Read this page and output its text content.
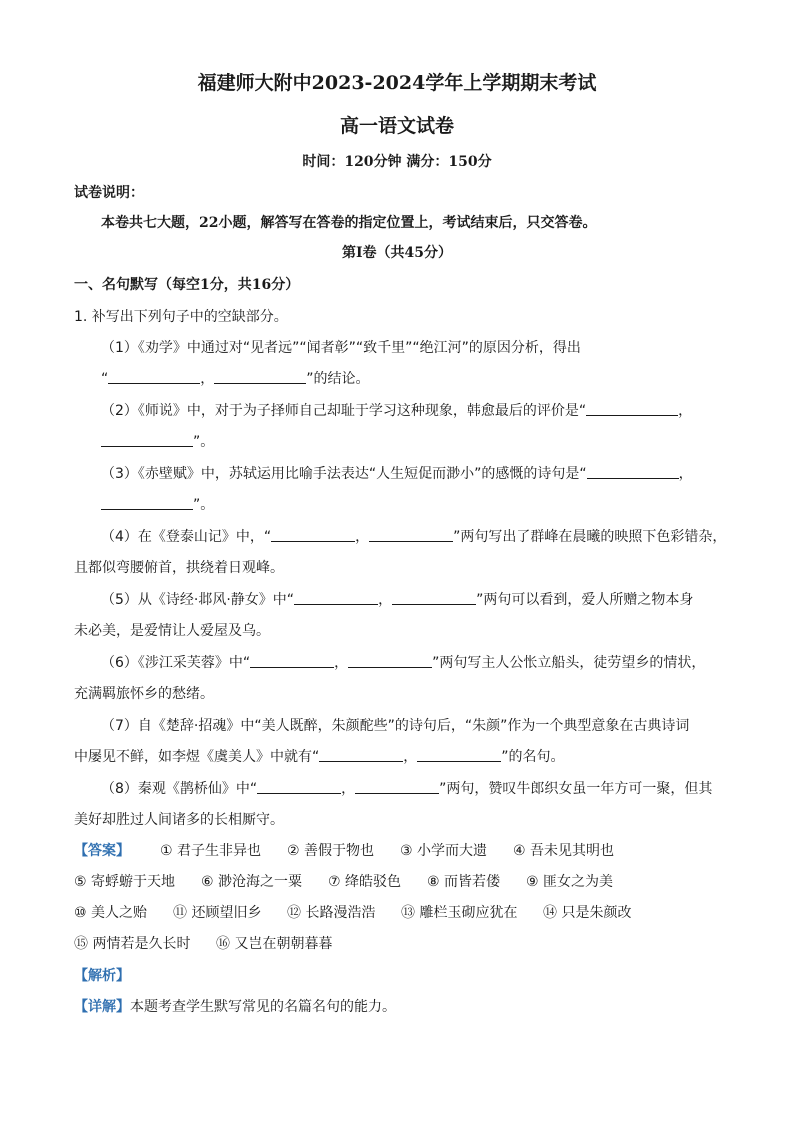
福建师大附中2023-2024学年上学期期末考试
高一语文试卷
时间：120分钟 满分：150分
试卷说明：
本卷共七大题，22小题，解答写在答卷的指定位置上，考试结束后，只交答卷。
第Ⅰ卷（共45分）
一、名句默写（每空1分，共16分）
1. 补写出下列句子中的空缺部分。
（1）《劝学》中通过对“见者远”“闻者彰”“致千里”“绝江河”的原因分析，得出
“	，	”的结论。
（2）《师说》中，对于为子择师自己却耻于学习这种现象，韩愈最后的评价是“	，
”。
（3）《赤壁赋》中，苏轼运用比喻手法表达“人生短促而渺小”的感慨的诗句是“	，
”。
（4）在《登泰山记》中，“	，	”两句写出了群峰在晨曦的映照下色彩错杂，
且都似弯腰俯首，拱绕着日观峰。
（5）从《诗经·邶风·静女》中“	，	”两句可以看到，爱人所赠之物本身
未必美，是爱情让人爱屋及乌。
（6）《涉江采芙蓉》中“	，	”两句写主人公怅立船头，徒劳望乡的情状，
充满羁旅怀乡的愁绪。
（7）自《楚辞·招魂》中“美人既醉，朱颜酡些”的诗句后，“朱颜”作为一个典型意象在古典诗词
中屡见不鲜，如李煜《虞美人》中就有“	，	”的名句。
（8）秦观《鹊桥仙》中“	，	”两句，赞叹牛郎织女虽一年方可一聚，但其
美好却胜过人间诸多的长相厮守。
【答案】 ① 君子生非异也 ② 善假于物也 ③ 小学而大遗 ④ 吾未见其明也
⑤ 寄蜉蝣于天地 ⑥ 渺沧海之一粟 ⑦ 绛皓驳色 ⑧ 而皆若偻 ⑨ 匪女之为美
⑩ 美人之贻 ⑪ 还顾望旧乡 ⑫ 长路漫浩浩 ⑬ 雕栏玉砌应犹在 ⑭ 只是朱颜改
⑮ 两情若是久长时 ⑯ 又岂在朝朝暮暮
【解析】
【详解】本题考查学生默写常见的名篇名句的能力。
